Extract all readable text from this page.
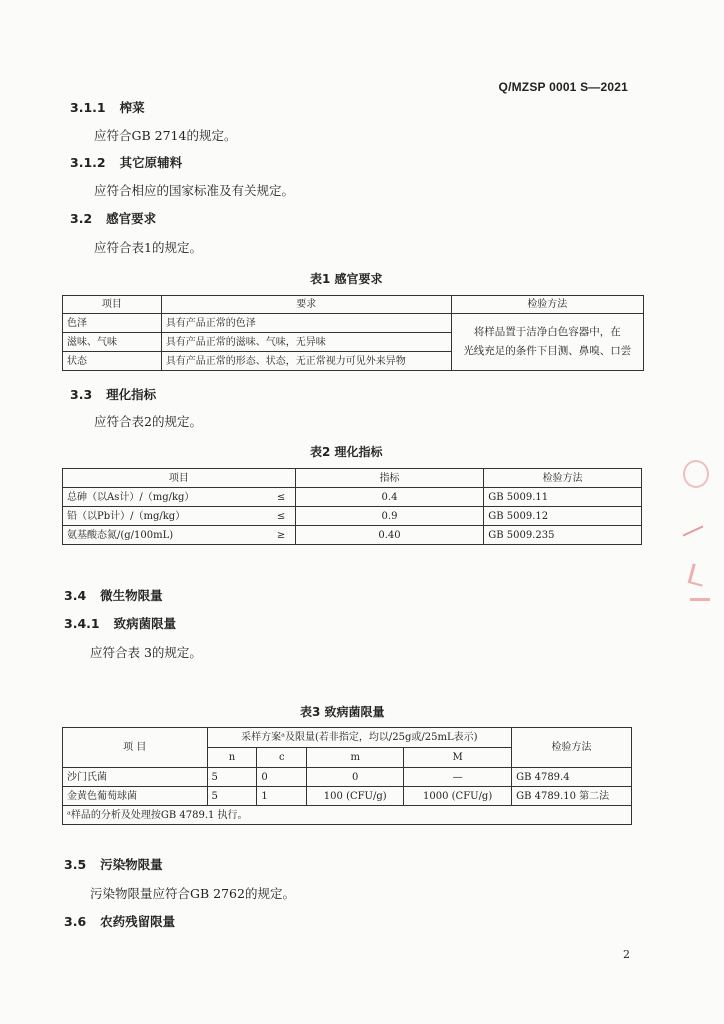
Q/MZSP 0001 S—2021
3.1.1 榨菜
应符合GB 2714的规定。
3.1.2 其它原辅料
应符合相应的国家标准及有关规定。
3.2 感官要求
应符合表1的规定。
表1 感官要求
项目	要求	检验方法
色泽	具有产品正常的色泽	将样品置于洁净白色容器中，在
光线充足的条件下目测、鼻嗅、口尝

滋味、气味	具有产品正常的滋味、气味，无异味	
状态	具有产品正常的形态、状态，无正常视力可见外来异物	
3.3 理化指标
应符合表2的规定。
表2 理化指标
项目		指标	检验方法
总砷（以As计）/（mg/kg）	≤	0.4	GB 5009.11
铅（以Pb计）/（mg/kg）	≤	0.9	GB 5009.12
氨基酸态氮/(g/100mL)	≥	0.40	GB 5009.235
3.4 微生物限量
3.4.1 致病菌限量
应符合表 3的规定。
表3 致病菌限量
项 目	采样方案ᵃ及限量(若非指定，均以/25g或/25mL表示)				检验方法
	n	c	m	M	
沙门氏菌	5	0	0	—	GB 4789.4
金黄色葡萄球菌	5	1	100 (CFU/g)	1000 (CFU/g)	GB 4789.10 第二法
ᵃ样品的分析及处理按GB 4789.1 执行。					
3.5 污染物限量
污染物限量应符合GB 2762的规定。
3.6 农药残留限量
2
